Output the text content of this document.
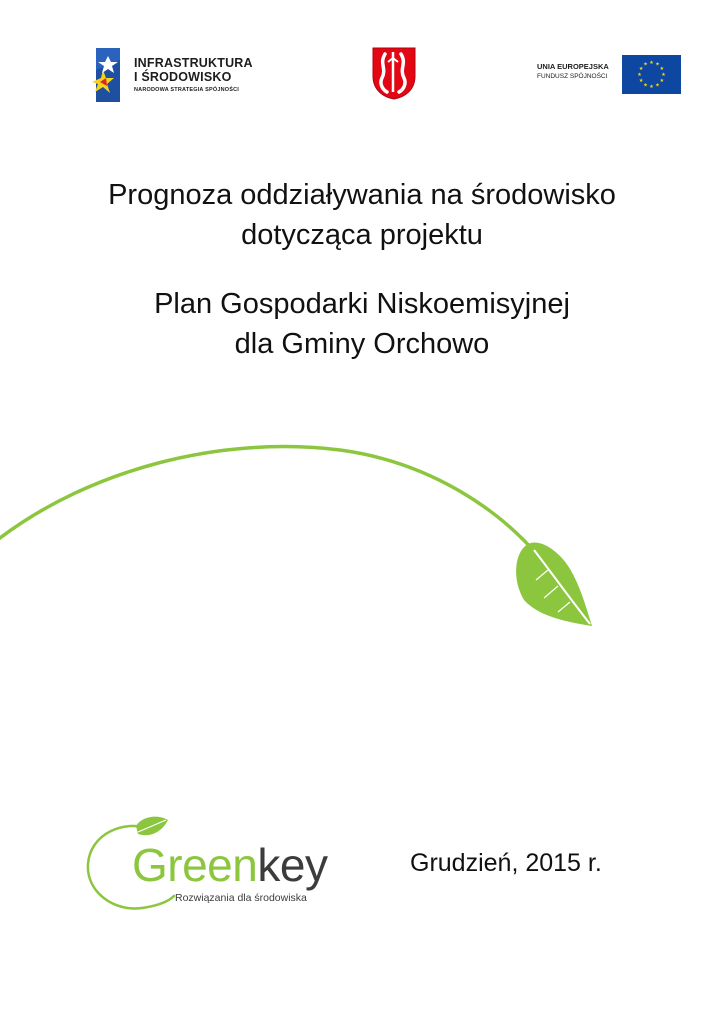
INFRASTRUKTURA
I ŚRODOWISKO
NARODOWA STRATEGIA SPÓJNOŚCI
UNIA EUROPEJSKA
FUNDUSZ SPÓJNOŚCI
★ ★
★
★
★
★
★
★
★
★
★
★
Prognoza oddziaływania na środowisko
dotycząca projektu
Plan Gospodarki Niskoemisyjnej
dla Gminy Orchowo
Greenkey
Rozwiązania dla środowiska
Grudzień, 2015 r.
